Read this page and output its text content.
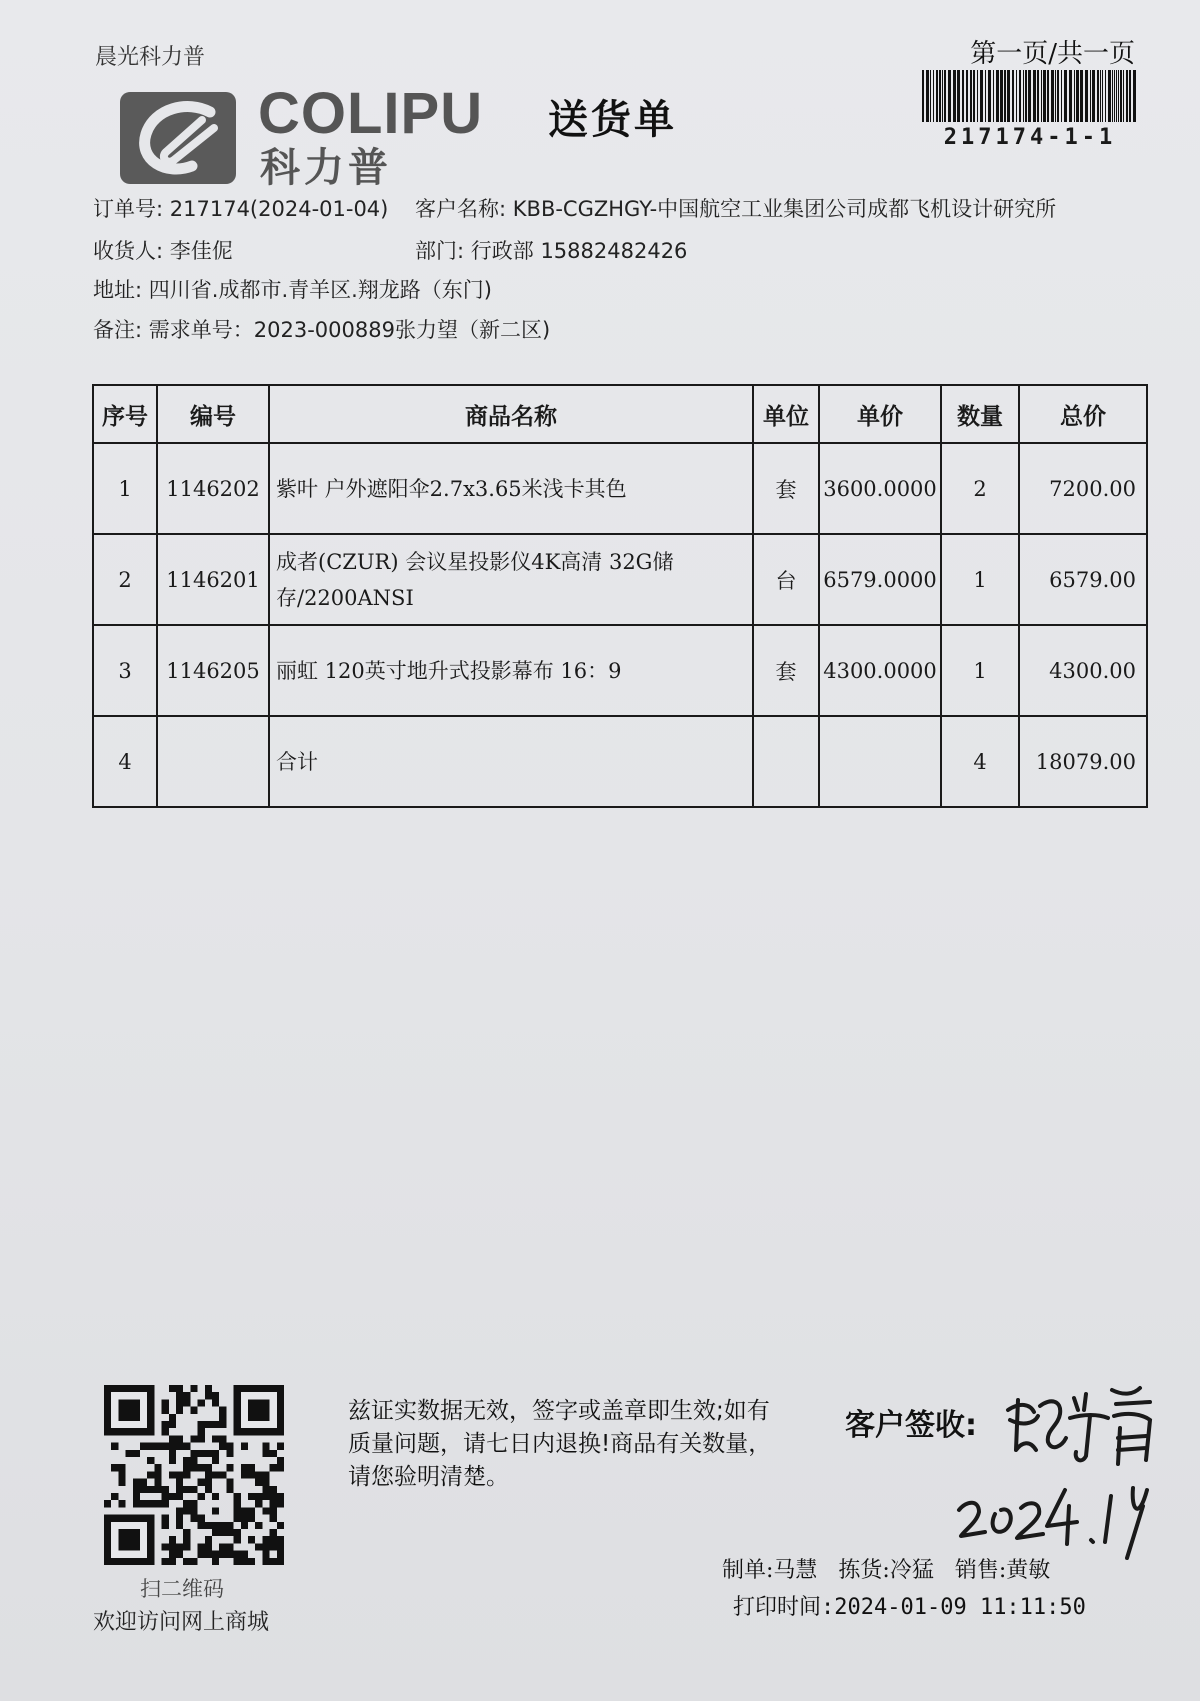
晨光科力普	第一页/共一页
217174-1-1
COLIPU
科力普
送货单
订单号: 217174(2024-01-04) 客户名称: KBB-CGZHGY-中国航空工业集团公司成都飞机设计研究所
收货人: 李佳伲	部门: 行政部 15882482426
地址: 四川省.成都市.青羊区.翔龙路（东门)
备注: 需求单号：2023-000889张力望（新二区)
序号	编号	商品名称	单位	单价	数量	总价
1	1146202	紫叶 户外遮阳伞2.7x3.65米浅卡其色	套	3600.0000	2	7200.00
2	1146201	成者(CZUR) 会议星投影仪4K高清 32G储存/2200ANSI	台	6579.0000	1	6579.00
3	1146205	丽虹 120英寸地升式投影幕布 16：9	套	4300.0000	1	4300.00
4		合计			4	18079.00
扫二维码
欢迎访问网上商城
兹证实数据无效，签字或盖章即生效;如有质量问题，请七日内退换!商品有关数量，请您验明清楚。
客户签收:
制单:马慧 拣货:冷猛 销售:黄敏
打印时间:2024-01-09 11:11:50
